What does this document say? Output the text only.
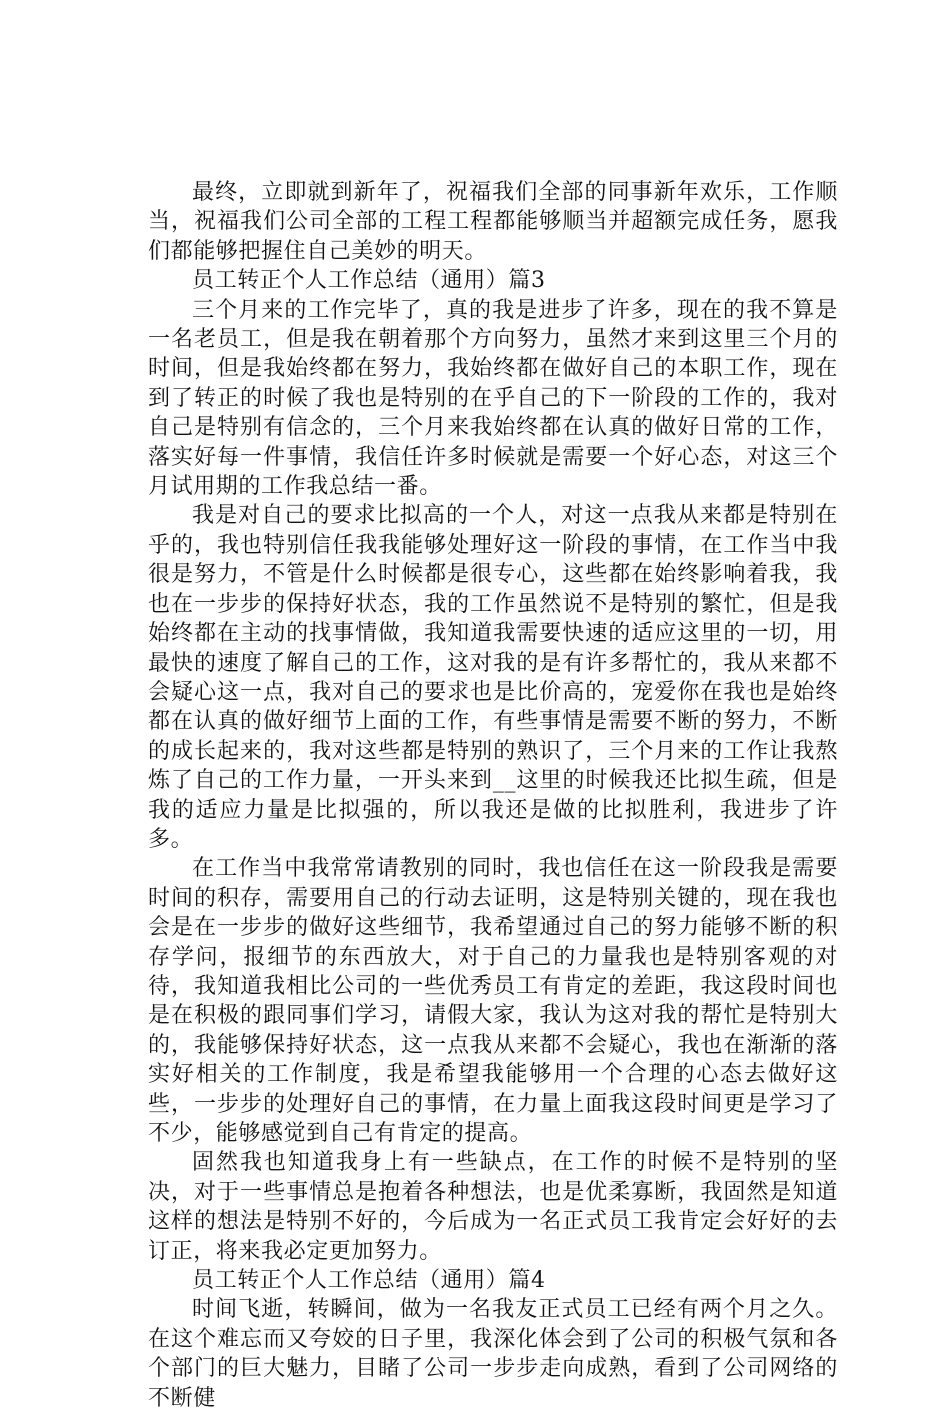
最终，立即就到新年了，祝福我们全部的同事新年欢乐，工作顺当，祝福我们公司全部的工程工程都能够顺当并超额完成任务，愿我们都能够把握住自己美妙的明天。

员工转正个人工作总结（通用）篇3

三个月来的工作完毕了，真的我是进步了许多，现在的我不算是一名老员工，但是我在朝着那个方向努力，虽然才来到这里三个月的时间，但是我始终都在努力，我始终都在做好自己的本职工作，现在到了转正的时候了我也是特别的在乎自己的下一阶段的工作的，我对自己是特别有信念的，三个月来我始终都在认真的做好日常的工作，落实好每一件事情，我信任许多时候就是需要一个好心态，对这三个月试用期的工作我总结一番。

我是对自己的要求比拟高的一个人，对这一点我从来都是特别在乎的，我也特别信任我我能够处理好这一阶段的事情，在工作当中我很是努力，不管是什么时候都是很专心，这些都在始终影响着我，我也在一步步的保持好状态，我的工作虽然说不是特别的繁忙，但是我始终都在主动的找事情做，我知道我需要快速的适应这里的一切，用最快的速度了解自己的工作，这对我的是有许多帮忙的，我从来都不会疑心这一点，我对自己的要求也是比价高的，宠爱你在我也是始终都在认真的做好细节上面的工作，有些事情是需要不断的努力，不断的成长起来的，我对这些都是特别的熟识了，三个月来的工作让我熬炼了自己的工作力量，一开头来到__这里的时候我还比拟生疏，但是我的适应力量是比拟强的，所以我还是做的比拟胜利，我进步了许多。

在工作当中我常常请教别的同时，我也信任在这一阶段我是需要时间的积存，需要用自己的行动去证明，这是特别关键的，现在我也会是在一步步的做好这些细节，我希望通过自己的努力能够不断的积存学问，报细节的东西放大，对于自己的力量我也是特别客观的对待，我知道我相比公司的一些优秀员工有肯定的差距，我这段时间也是在积极的跟同事们学习，请假大家，我认为这对我的帮忙是特别大的，我能够保持好状态，这一点我从来都不会疑心，我也在渐渐的落实好相关的工作制度，我是希望我能够用一个合理的心态去做好这些，一步步的处理好自己的事情，在力量上面我这段时间更是学习了不少，能够感觉到自己有肯定的提高。

固然我也知道我身上有一些缺点，在工作的时候不是特别的坚决，对于一些事情总是抱着各种想法，也是优柔寡断，我固然是知道这样的想法是特别不好的，今后成为一名正式员工我肯定会好好的去订正，将来我必定更加努力。

员工转正个人工作总结（通用）篇4

时间飞逝，转瞬间，做为一名我友正式员工已经有两个月之久。在这个难忘而又夸姣的日子里，我深化体会到了公司的积极气氛和各个部门的巨大魅力，目睹了公司一步步走向成熟，看到了公司网络的不断健
